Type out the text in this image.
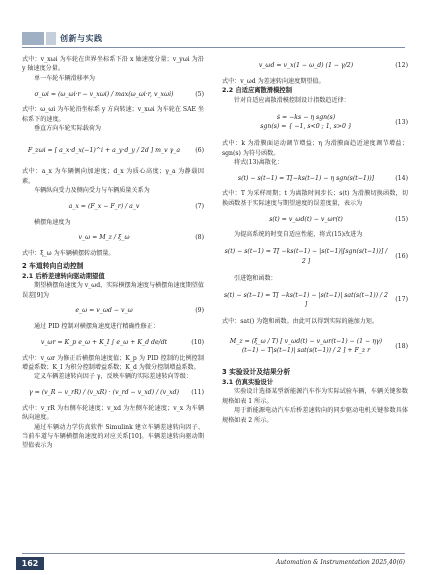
创新与实践

式中：v_xωi 为车轮在世界坐标系下沿 x 轴速度分量；v_yωi 为沿 y 轴速度分量。

单一车轮车辆滑移率为

σ_ωi = (ω_ωi·r − v_xωi) / max(ω_ωi·r, v_xωi)	(5)

式中：ω_ωi 为车轮沿坐标系 y 方向转速；v_xωi 为车轮在 SAE 坐标系下的速度。

垂直方向车轮实际载荷为

F_zωi = [ a_x·d_x(−1)^i + a_y·d_y / 2d ] m_v γ_a	(6)

式中：a_x 为车辆侧向加速度；d_x 为质心高度；γ_a 为静载因素。

车辆纵向受力及侧向受力与车辆质量关系为

a_x = (F_x − F_r) / a_v	(7)

横摆角速度为

v_ω = M_z / ξ_ω	(8)

式中：ξ_ω 为车辆横摆转动惯量。

2 车道转向自动控制

2.1 后桥差速转向驱动期望值

期望横摆角速度为 v_ωd，实际横摆角速度与横摆角速度期望值误差[9]为

e_ω = v_ωd − v_ω	(9)

通过 PID 控制对横摆角速度进行精确性修正：

v_ωr = K_p e_ω + K_I ∫ e_ω + K_d de/dt	(10)

式中：v_ωr 为修正后横摆角速度值；K_p 为 PID 控制的比例控制增益系数；K_I 为积分控制增益系数；K_d 为微分控制增益系数。

定义车辆差速转向因子 γ，反映车辆的实际差速转向等级：

γ = (v_R − v_rR) / (v_xR) · (v_rd − v_xd) / (v_xd)	(11)

式中：v_rR 为右侧车轮速度；v_xd 为左侧车轮速度；v_x 为车辆纵向速度。

通过车辆动力学仿真软件 Simulink 建立车辆差速转向因子、当前车道与车辆横摆角速度的对应关系[10]。车辆差速转向驱动期望值表示为

v_ωd = v_x(1 − ω_d) (1 − γ/2)	(12)

式中：v_ωd 为差速转向速度期望值。

2.2 自适应离散滑模控制

针对自适应离散滑模控制设计指数趋近律：

ṡ = −ks − η sgn(s)
sgn(s) = { −1, s<0 ; 1, s>0 }
(13)

式中：k 为滑膜面运动调节增益；η 为滑膜面趋近速度调节增益；sgn(s) 为符号函数。

将式(13)离散化：

s(t) − s(t−1) = T[−ks(t−1) − η sgn(s(t−1))]	(14)

式中：T 为采样周期；t 为离散时间步长；s(t) 为滑膜切换函数，切换函数基于实际速度与期望速度的误差度量，表示为

s(t) = v_ωd(t) − v_ωr(t)	(15)

为提高系统的时变自适应性能，将式(15)改进为

s(t) − s(t−1) = T[ −ks(t−1) − |s(t−1)|[sgn(s(t−1))] / 2 ]
(16)

引进饱和函数：

s(t) − s(t−1) = T[ −ks(t−1) − |s(t−1)| sat(s(t−1)) / 2 ]
(17)

式中：sat() 为饱和函数。由此可以得到实际的施加力矩。

M_z = (ξ_ω / T) [ v_ωd(t) − v_ωr(t−1) − (1 − ηγ)(t−1) − T|s(t−1)| sat(s(t−1)) / 2 ] + F_z r
(18)

3 实验设计及结果分析

3.1 仿真实验设计

实验设计选择某型新能源汽车作为实际试验车辆，车辆关键参数规格如表 1 所示。

用于新能源电动汽车后桥差速转向的同步驱动电机关键参数具体规格如表 2 所示。

162	Automation & Instrumentation 2025,40(6)
